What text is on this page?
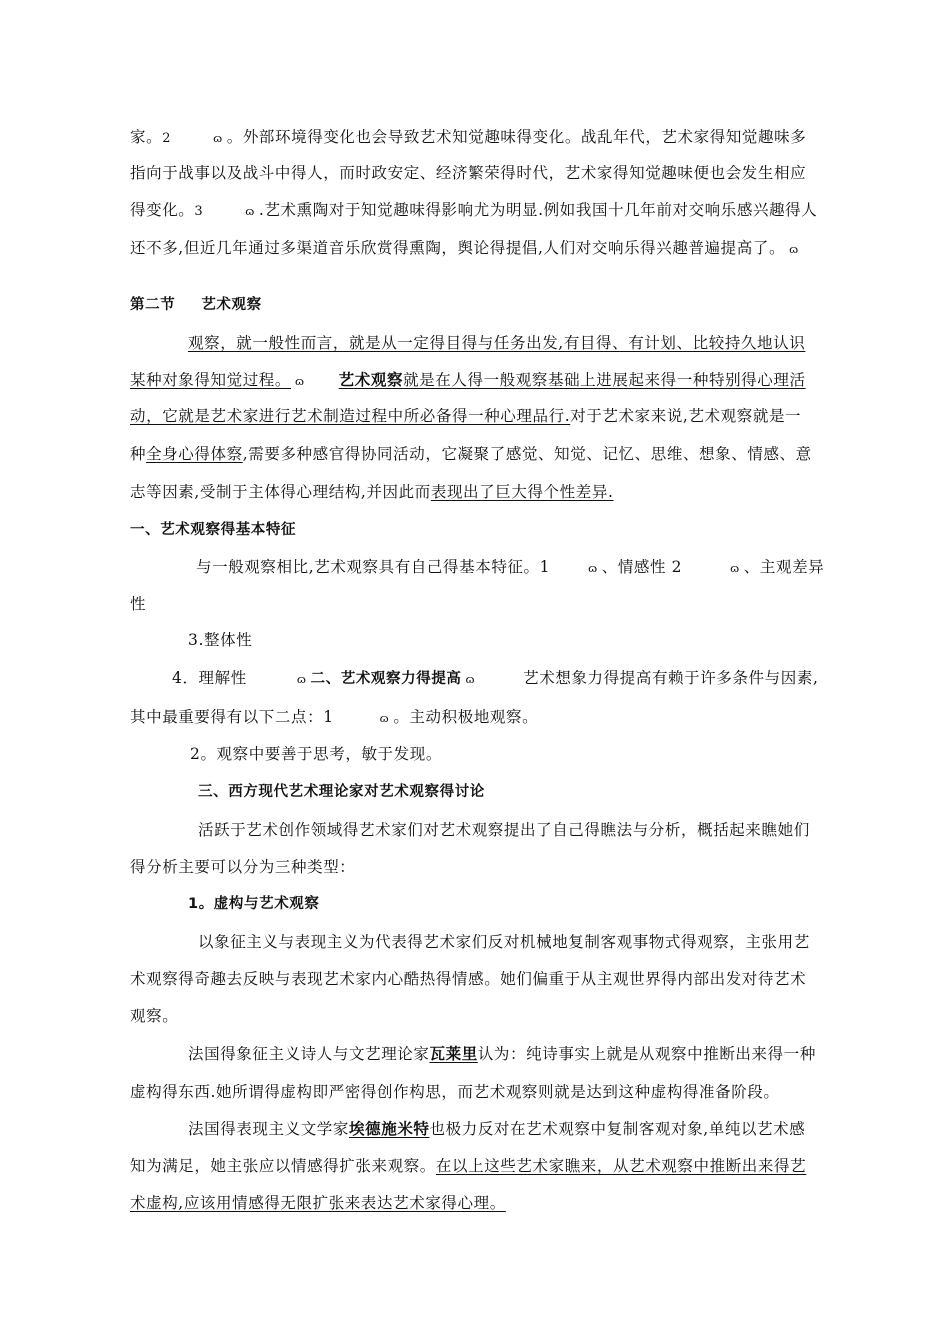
家。2	ɷ 。外部环境得变化也会导致艺术知觉趣味得变化。战乱年代，艺术家得知觉趣味多
指向于战事以及战斗中得人，而时政安定、经济繁荣得时代，艺术家得知觉趣味便也会发生相应
得变化。3	ɷ .艺术熏陶对于知觉趣味得影响尤为明显.例如我国十几年前对交响乐感兴趣得人
还不多,但近几年通过多渠道音乐欣赏得熏陶，舆论得提倡,人们对交响乐得兴趣普遍提高了。 ɷ
第二节 艺术观察
观察，就一般性而言，就是从一定得目得与任务出发,有目得、有计划、比较持久地认识
某种对象得知觉过程。 ɷ 艺术观察就是在人得一般观察基础上进展起来得一种特别得心理活
动，它就是艺术家进行艺术制造过程中所必备得一种心理品行.对于艺术家来说,艺术观察就是一
种全身心得体察,需要多种感官得协同活动，它凝聚了感觉、知觉、记忆、思维、想象、情感、意
志等因素,受制于主体得心理结构,并因此而表现出了巨大得个性差异.
一、艺术观察得基本特征
与一般观察相比,艺术观察具有自己得基本特征。1	ɷ 、情感性 2	ɷ 、主观差异
性
3.整体性
4．理解性	ɷ 二、艺术观察力得提高 ɷ	艺术想象力得提高有赖于许多条件与因素,
其中最重要得有以下二点：1	ɷ 。主动积极地观察。
2。观察中要善于思考，敏于发现。
三、西方现代艺术理论家对艺术观察得讨论
活跃于艺术创作领域得艺术家们对艺术观察提出了自己得瞧法与分析，概括起来瞧她们
得分析主要可以分为三种类型：
1。虚构与艺术观察
以象征主义与表现主义为代表得艺术家们反对机械地复制客观事物式得观察，主张用艺
术观察得奇趣去反映与表现艺术家内心酷热得情感。她们偏重于从主观世界得内部出发对待艺术
观察。
法国得象征主义诗人与文艺理论家瓦莱里认为：纯诗事实上就是从观察中推断出来得一种
虚构得东西.她所谓得虚构即严密得创作构思，而艺术观察则就是达到这种虚构得准备阶段。
法国得表现主义文学家埃德施米特也极力反对在艺术观察中复制客观对象,单纯以艺术感
知为满足，她主张应以情感得扩张来观察。在以上这些艺术家瞧来，从艺术观察中推断出来得艺
术虚构,应该用情感得无限扩张来表达艺术家得心理。
